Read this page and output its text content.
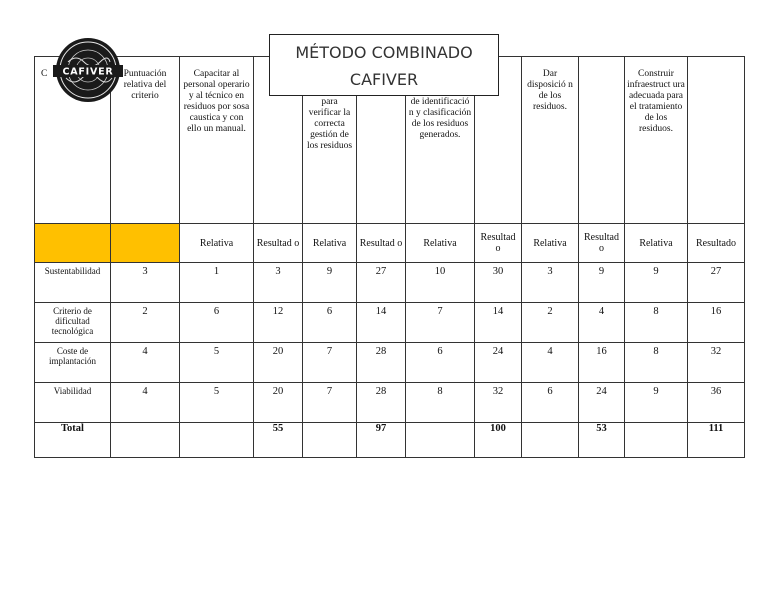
C	Puntuación relativa del criterio	Capacitar al personal operario y al técnico en residuos por sosa caustica y con ello un manual.		para verificar la correcta gestión de los residuos		de identificació n y clasificación de los residuos generados.		Dar disposició n de los residuos.		Construir infraestruct ura adecuada para el tratamiento de los residuos.	
		Relativa	Resultad o	Relativa	Resultad o	Relativa	Resultad o	Relativa	Resultad o	Relativa	Resultado
Sustentabilidad	3	1	3	9	27	10	30	3	9	9	27
Criterio de dificultad tecnológica	2	6	12	6	14	7	14	2	4	8	16
Coste de implantación	4	5	20	7	28	6	24	4	16	8	32
Viabilidad	4	5	20	7	28	8	32	6	24	9	36
Total			55		97		100		53		111
MÉTODO COMBINADO
CAFIVER
CAFIVER
